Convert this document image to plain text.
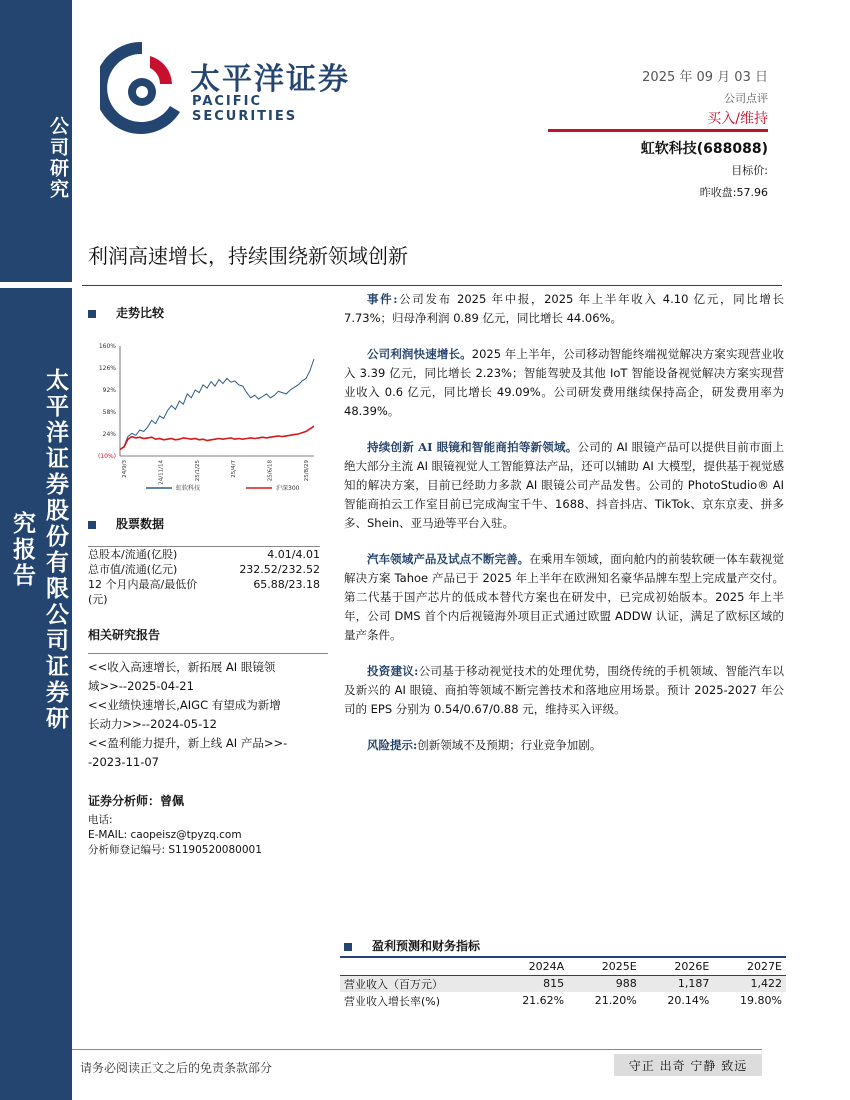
公司研究
太平洋证券股份有限公司证券研究报告
太平洋证券
PACIFIC SECURITIES
2025 年 09 月 03 日
公司点评
买入/维持
虹软科技(688088)
目标价:
昨收盘:57.96
利润高速增长，持续围绕新领域创新
走势比较
160%
126%
92%
58%
24%
(10%)
24/9/3	24/11/14	25/1/25	25/4/7	25/6/18	25/8/29
虹软科技	沪深300
股票数据
总股本/流通(亿股)	4.01/4.01
总市值/流通(亿元)	232.52/232.52
12 个月内最高/最低价	65.88/23.18
(元)
相关研究报告
<<收入高速增长，新拓展 AI 眼镜领
域>>--2025-04-21
<<业绩快速增长,AIGC 有望成为新增
长动力>>--2024-05-12
<<盈利能力提升，新上线 AI 产品>>-
-2023-11-07
证券分析师：曾佩
电话:
E-MAIL: caopeisz@tpyzq.com
分析师登记编号: S1190520080001

事件:公司发布 2025 年中报，2025 年上半年收入 4.10 亿元，同比增长 7.73%；归母净利润 0.89 亿元，同比增长 44.06%。

公司利润快速增长。2025 年上半年，公司移动智能终端视觉解决方案实现营业收入 3.39 亿元，同比增长 2.23%；智能驾驶及其他 IoT 智能设备视觉解决方案实现营业收入 0.6 亿元，同比增长 49.09%。公司研发费用继续保持高企，研发费用率为 48.39%。

持续创新 AI 眼镜和智能商拍等新领域。公司的 AI 眼镜产品可以提供目前市面上绝大部分主流 AI 眼镜视觉人工智能算法产品，还可以辅助 AI 大模型，提供基于视觉感知的解决方案，目前已经助力多款 AI 眼镜公司产品发售。公司的 PhotoStudio® AI 智能商拍云工作室目前已完成淘宝千牛、1688、抖音抖店、TikTok、京东京麦、拼多多、Shein、亚马逊等平台入驻。

汽车领域产品及试点不断完善。在乘用车领域，面向舱内的前装软硬一体车载视觉解决方案 Tahoe 产品已于 2025 年上半年在欧洲知名豪华品牌车型上完成量产交付。第二代基于国产芯片的低成本替代方案也在研发中，已完成初始版本。2025 年上半年，公司 DMS 首个内后视镜海外项目正式通过欧盟 ADDW 认证，满足了欧标区域的量产条件。

投资建议:公司基于移动视觉技术的处理优势，围绕传统的手机领域、智能汽车以及新兴的 AI 眼镜、商拍等领域不断完善技术和落地应用场景。预计 2025-2027 年公司的 EPS 分别为 0.54/0.67/0.88 元，维持买入评级。

风险提示:创新领域不及预期；行业竞争加剧。

盈利预测和财务指标
	2024A	2025E	2026E	2027E
营业收入（百万元）	815	988	1,187	1,422
营业收入增长率(%)	21.62%	21.20%	20.14%	19.80%
请务必阅读正文之后的免责条款部分	守正 出奇 宁静 致远
